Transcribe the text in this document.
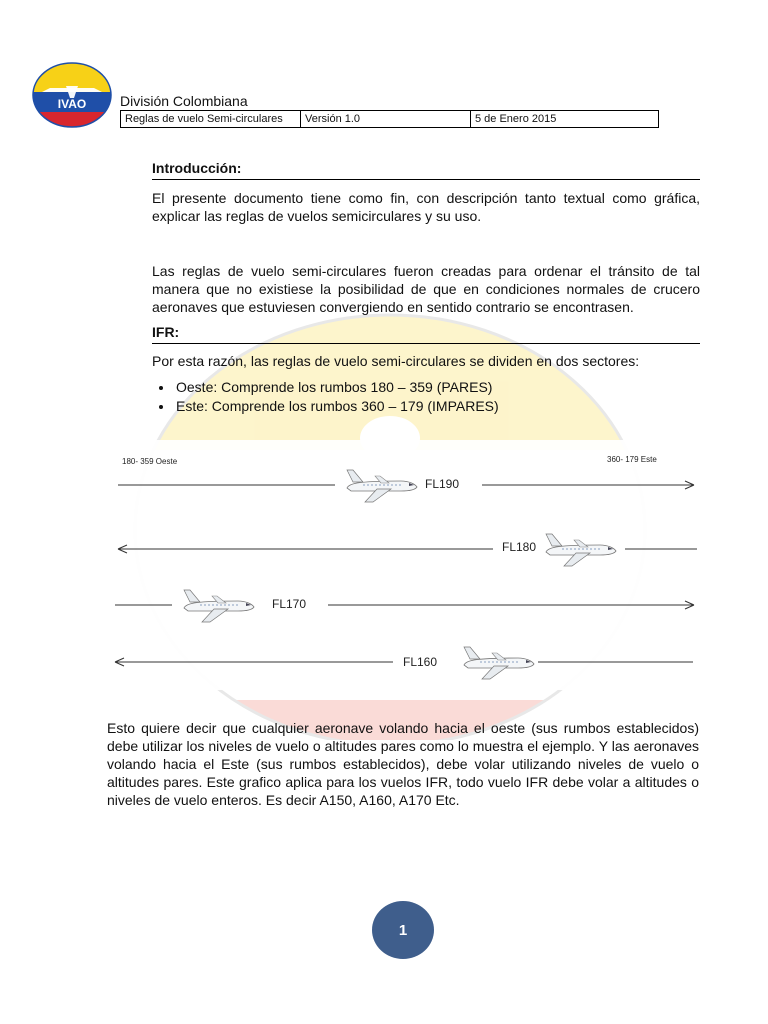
IVAO División Colombiana
Reglas de vuelo Semi-circulares	Versión 1.0	5 de Enero 2015
Introducción:
El presente documento tiene como fin, con descripción tanto textual como gráfica, explicar las reglas de vuelos semicirculares y su uso.
Las reglas de vuelo semi-circulares fueron creadas para ordenar el tránsito de tal manera que no existiese la posibilidad de que en condiciones normales de crucero aeronaves que estuviesen convergiendo en sentido contrario se encontrasen.
IFR:
Por esta razón, las reglas de vuelo semi-circulares se dividen en dos sectores:
• Oeste: Comprende los rumbos 180 – 359 (PARES)
• Este: Comprende los rumbos 360 – 179 (IMPARES)
180- 359 Oeste	360- 179 Este
FL190
FL180
FL170
FL160
Esto quiere decir que cualquier aeronave volando hacia el oeste (sus rumbos establecidos) debe utilizar los niveles de vuelo o altitudes pares como lo muestra el ejemplo. Y las aeronaves volando hacia el Este (sus rumbos establecidos), debe volar utilizando niveles de vuelo o altitudes pares. Este grafico aplica para los vuelos IFR, todo vuelo IFR debe volar a altitudes o niveles de vuelo enteros. Es decir A150, A160, A170 Etc.
1
